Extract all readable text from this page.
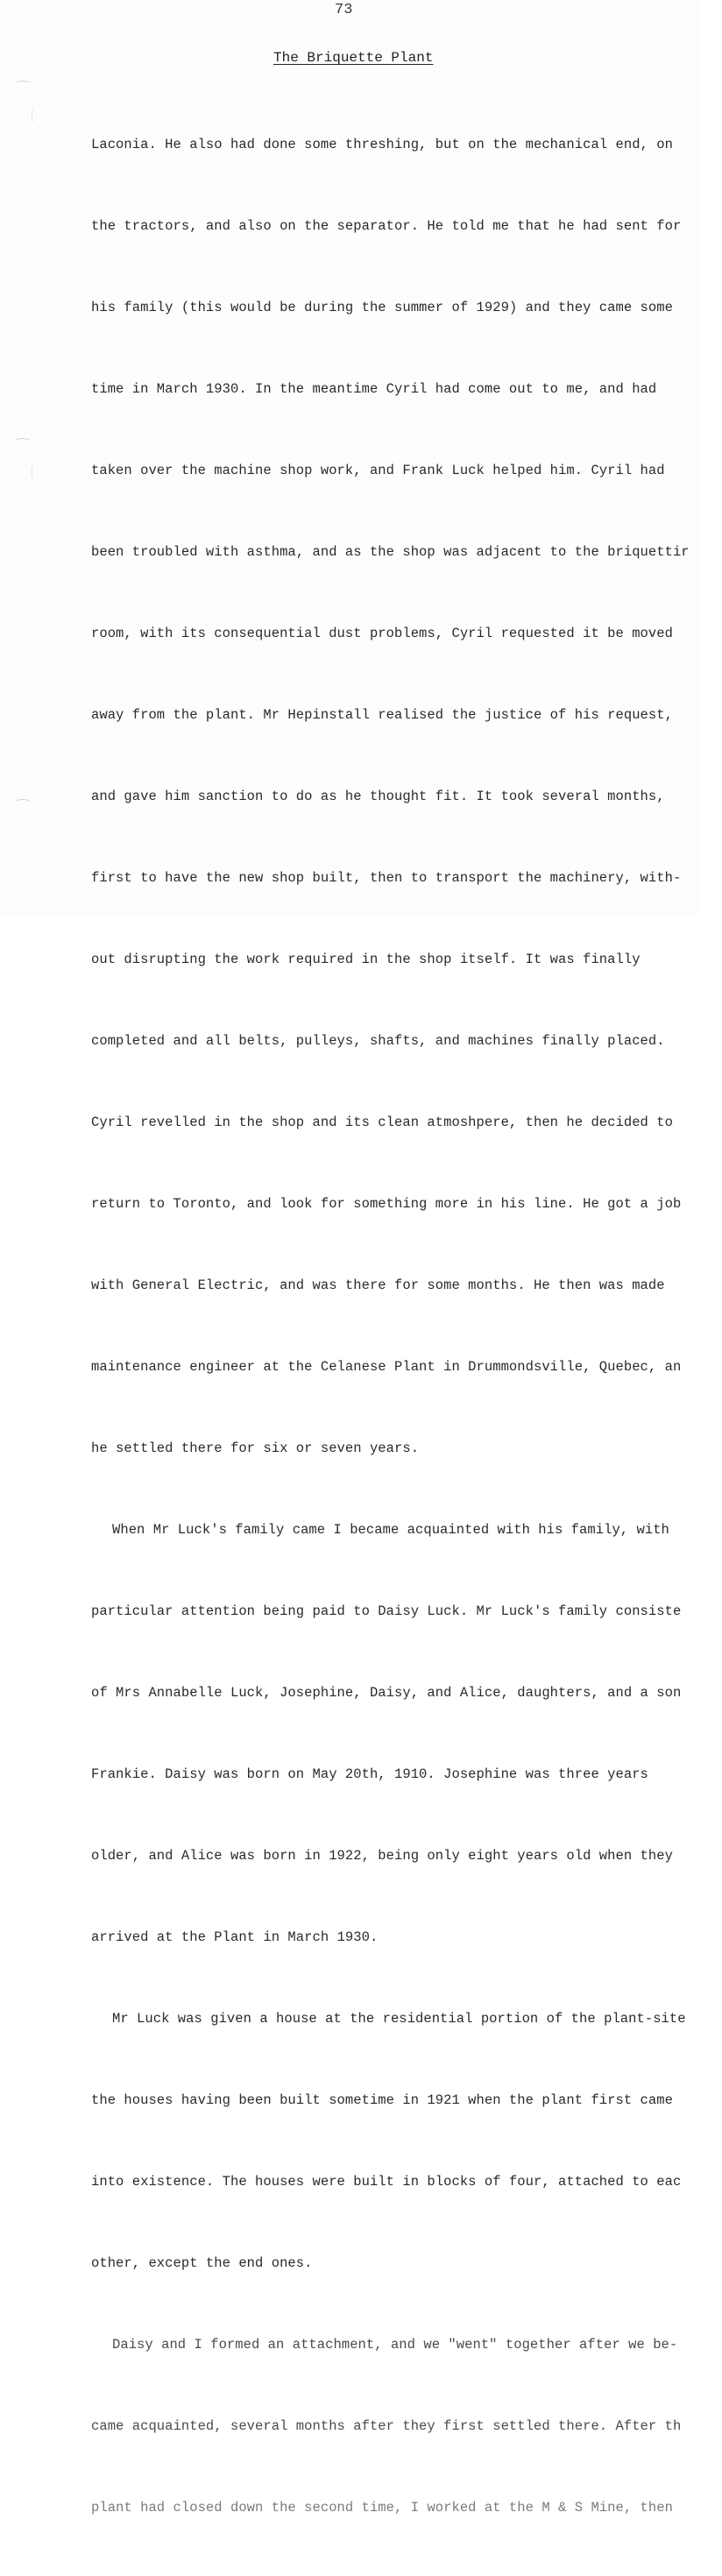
73
The Briquette Plant

Laconia. He also had done some threshing, but on the mechanical end, on

the tractors, and also on the separator. He told me that he had sent for

his family (this would be during the summer of 1929) and they came some

time in March 1930. In the meantime Cyril had come out to me, and had

taken over the machine shop work, and Frank Luck helped him. Cyril had

been troubled with asthma, and as the shop was adjacent to the briquettir

room, with its consequential dust problems, Cyril requested it be moved

away from the plant. Mr Hepinstall realised the justice of his request,

and gave him sanction to do as he thought fit. It took several months,

first to have the new shop built, then to transport the machinery, with-

out disrupting the work required in the shop itself. It was finally

completed and all belts, pulleys, shafts, and machines finally placed.

Cyril revelled in the shop and its clean atmoshpere, then he decided to

return to Toronto, and look for something more in his line. He got a job

with General Electric, and was there for some months. He then was made

maintenance engineer at the Celanese Plant in Drummondsville, Quebec, an

he settled there for six or seven years.

When Mr Luck's family came I became acquainted with his family, with

particular attention being paid to Daisy Luck. Mr Luck's family consiste

of Mrs Annabelle Luck, Josephine, Daisy, and Alice, daughters, and a son

Frankie. Daisy was born on May 20th, 1910. Josephine was three years

older, and Alice was born in 1922, being only eight years old when they

arrived at the Plant in March 1930.

Mr Luck was given a house at the residential portion of the plant-site

the houses having been built sometime in 1921 when the plant first came

into existence. The houses were built in blocks of four, attached to eac

other, except the end ones.

Daisy and I formed an attachment, and we "went" together after we be-

came acquainted, several months after they first settled there. After th

plant had closed down the second time, I worked at the M & S Mine, then
